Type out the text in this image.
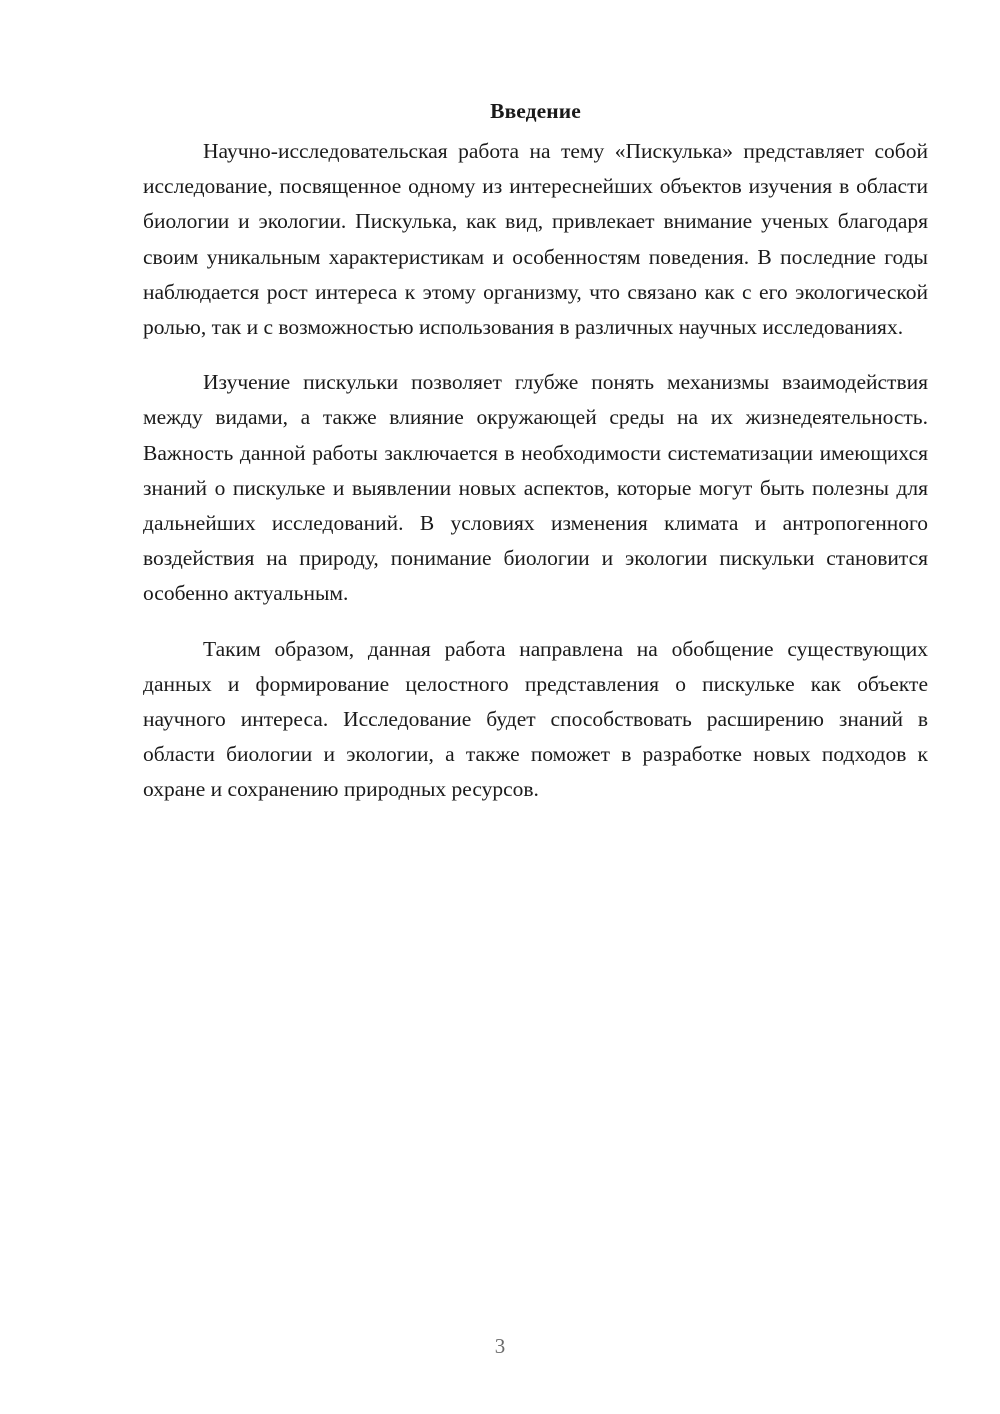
Введение

Научно-исследовательская работа на тему «Пискулька» представляет собой исследование, посвященное одному из интереснейших объектов изучения в области биологии и экологии. Пискулька, как вид, привлекает внимание ученых благодаря своим уникальным характеристикам и особенностям поведения. В последние годы наблюдается рост интереса к этому организму, что связано как с его экологической ролью, так и с возможностью использования в различных научных исследованиях.

Изучение пискульки позволяет глубже понять механизмы взаимодействия между видами, а также влияние окружающей среды на их жизнедеятельность. Важность данной работы заключается в необходимости систематизации имеющихся знаний о пискульке и выявлении новых аспектов, которые могут быть полезны для дальнейших исследований. В условиях изменения климата и антропогенного воздействия на природу, понимание биологии и экологии пискульки становится особенно актуальным.

Таким образом, данная работа направлена на обобщение существующих данных и формирование целостного представления о пискульке как объекте научного интереса. Исследование будет способствовать расширению знаний в области биологии и экологии, а также поможет в разработке новых подходов к охране и сохранению природных ресурсов.

3
